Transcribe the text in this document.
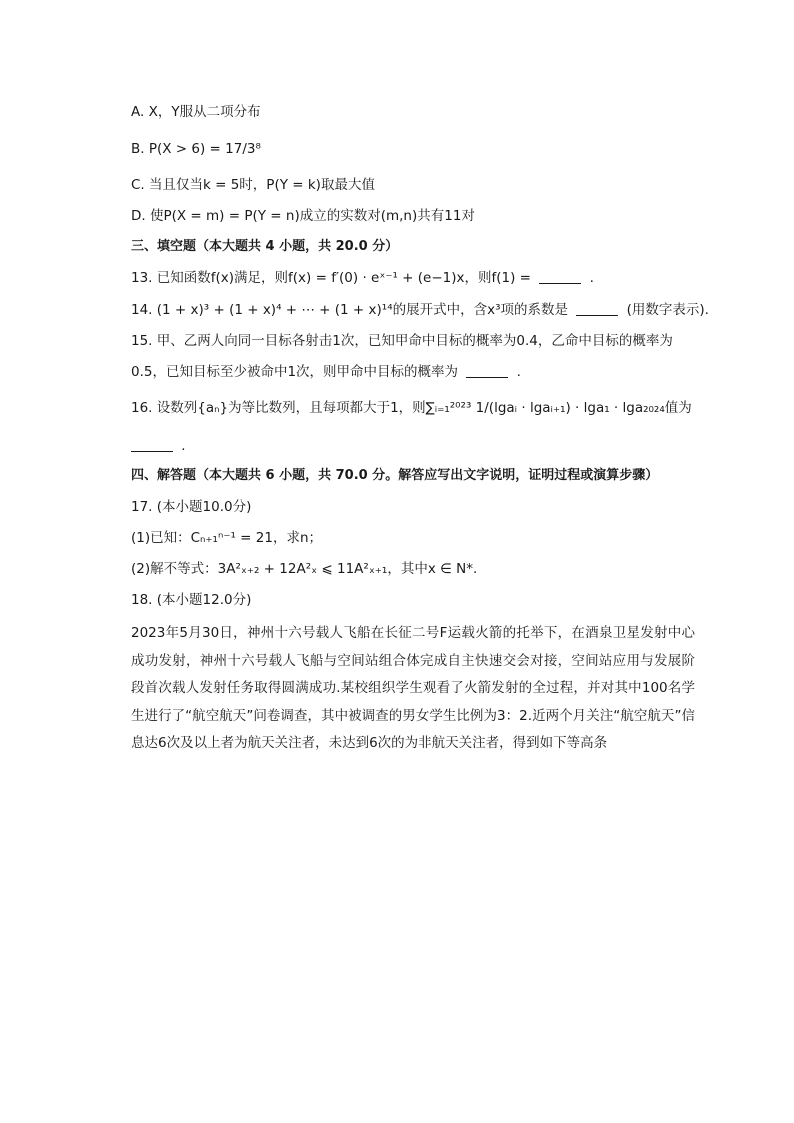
A. X，Y服从二项分布
B. P(X > 6) = 17/3⁸
C. 当且仅当k = 5时，P(Y = k)取最大值
D. 使P(X = m) = P(Y = n)成立的实数对(m,n)共有11对
三、填空题（本大题共 4 小题，共 20.0 分）
13. 已知函数f(x)满足，则f(x) = f′(0) · eˣ⁻¹ + (e−1)x，则f(1) =	.
14. (1 + x)³ + (1 + x)⁴ + ⋯ + (1 + x)¹⁴的展开式中，含x³项的系数是	(用数字表示).
15. 甲、乙两人向同一目标各射击1次，已知甲命中目标的概率为0.4，乙命中目标的概率为
0.5，已知目标至少被命中1次，则甲命中目标的概率为	.
16. 设数列{aₙ}为等比数列，且每项都大于1，则∑ᵢ₌₁²⁰²³ 1/(lgaᵢ · lgaᵢ₊₁) · lga₁ · lga₂₀₂₄值为
.
四、解答题（本大题共 6 小题，共 70.0 分。解答应写出文字说明，证明过程或演算步骤）
17. (本小题10.0分)
(1)已知：Cₙ₊₁ⁿ⁻¹ = 21，求n；
(2)解不等式：3A²ₓ₊₂ + 12A²ₓ ⩽ 11A²ₓ₊₁，其中x ∈ N*.
18. (本小题12.0分)
2023年5月30日，神州十六号载人飞船在长征二号F运载火箭的托举下，在酒泉卫星发射中心成功发射，神州十六号载人飞船与空间站组合体完成自主快速交会对接，空间站应用与发展阶段首次载人发射任务取得圆满成功.某校组织学生观看了火箭发射的全过程，并对其中100名学生进行了“航空航天”问卷调查，其中被调查的男女学生比例为3：2.近两个月关注“航空航天”信息达6次及以上者为航天关注者，未达到6次的为非航天关注者，得到如下等高条
